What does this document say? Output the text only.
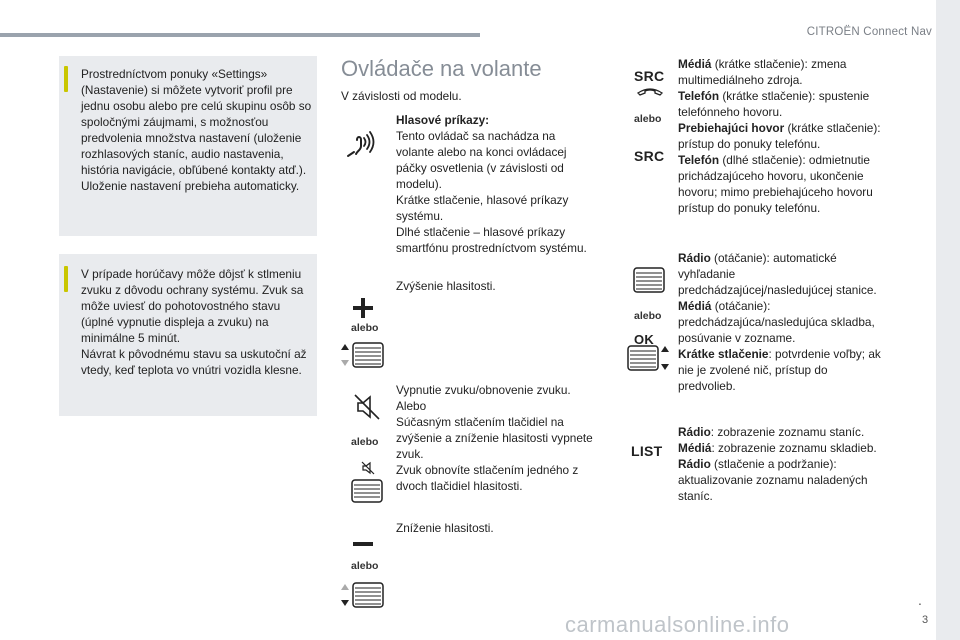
CITROËN Connect Nav
Prostredníctvom ponuky «Settings» (Nastavenie) si môžete vytvoriť profil pre jednu osobu alebo pre celú skupinu osôb so spoločnými záujmami, s možnosťou predvolenia množstva nastavení (uloženie rozhlasových staníc, audio nastavenia, história navigácie, obľúbené kontakty atď.). Uloženie nastavení prebieha automaticky.
V prípade horúčavy môže dôjsť k stlmeniu zvuku z dôvodu ochrany systému. Zvuk sa môže uviesť do pohotovostného stavu (úplné vypnutie displeja a zvuku) na minimálne 5 minút.
Návrat k pôvodnému stavu sa uskutoční až vtedy, keď teplota vo vnútri vozidla klesne.
Ovládače na volante
V závislosti od modelu.
Hlasové príkazy:
Tento ovládač sa nachádza na volante alebo na konci ovládacej páčky osvetlenia (v závislosti od modelu).
Krátke stlačenie, hlasové príkazy systému.
Dlhé stlačenie – hlasové príkazy smartfónu prostredníctvom systému.
Zvýšenie hlasitosti.
alebo
alebo
Vypnutie zvuku/obnovenie zvuku.
Alebo
Súčasným stlačením tlačidiel na zvýšenie a zníženie hlasitosti vypnete zvuk.
Zvuk obnovíte stlačením jedného z dvoch tlačidiel hlasitosti.
Zníženie hlasitosti.
alebo
SRC
alebo
SRC
Médiá (krátke stlačenie): zmena multimediálneho zdroja.
Telefón (krátke stlačenie): spustenie telefónneho hovoru.
Prebiehajúci hovor (krátke stlačenie): prístup do ponuky telefónu.
Telefón (dlhé stlačenie): odmietnutie prichádzajúceho hovoru, ukončenie hovoru; mimo prebiehajúceho hovoru prístup do ponuky telefónu.
alebo
OK
Rádio (otáčanie): automatické vyhľadanie predchádzajúcej/nasledujúcej stanice.
Médiá (otáčanie): predchádzajúca/nasledujúca skladba, posúvanie v zozname.
Krátke stlačenie: potvrdenie voľby; ak nie je zvolené nič, prístup do predvolieb.
LIST
Rádio: zobrazenie zoznamu staníc.
Médiá: zobrazenie zoznamu skladieb.
Rádio (stlačenie a podržanie): aktualizovanie zoznamu naladených staníc.
.
carmanualsonline.info	3
